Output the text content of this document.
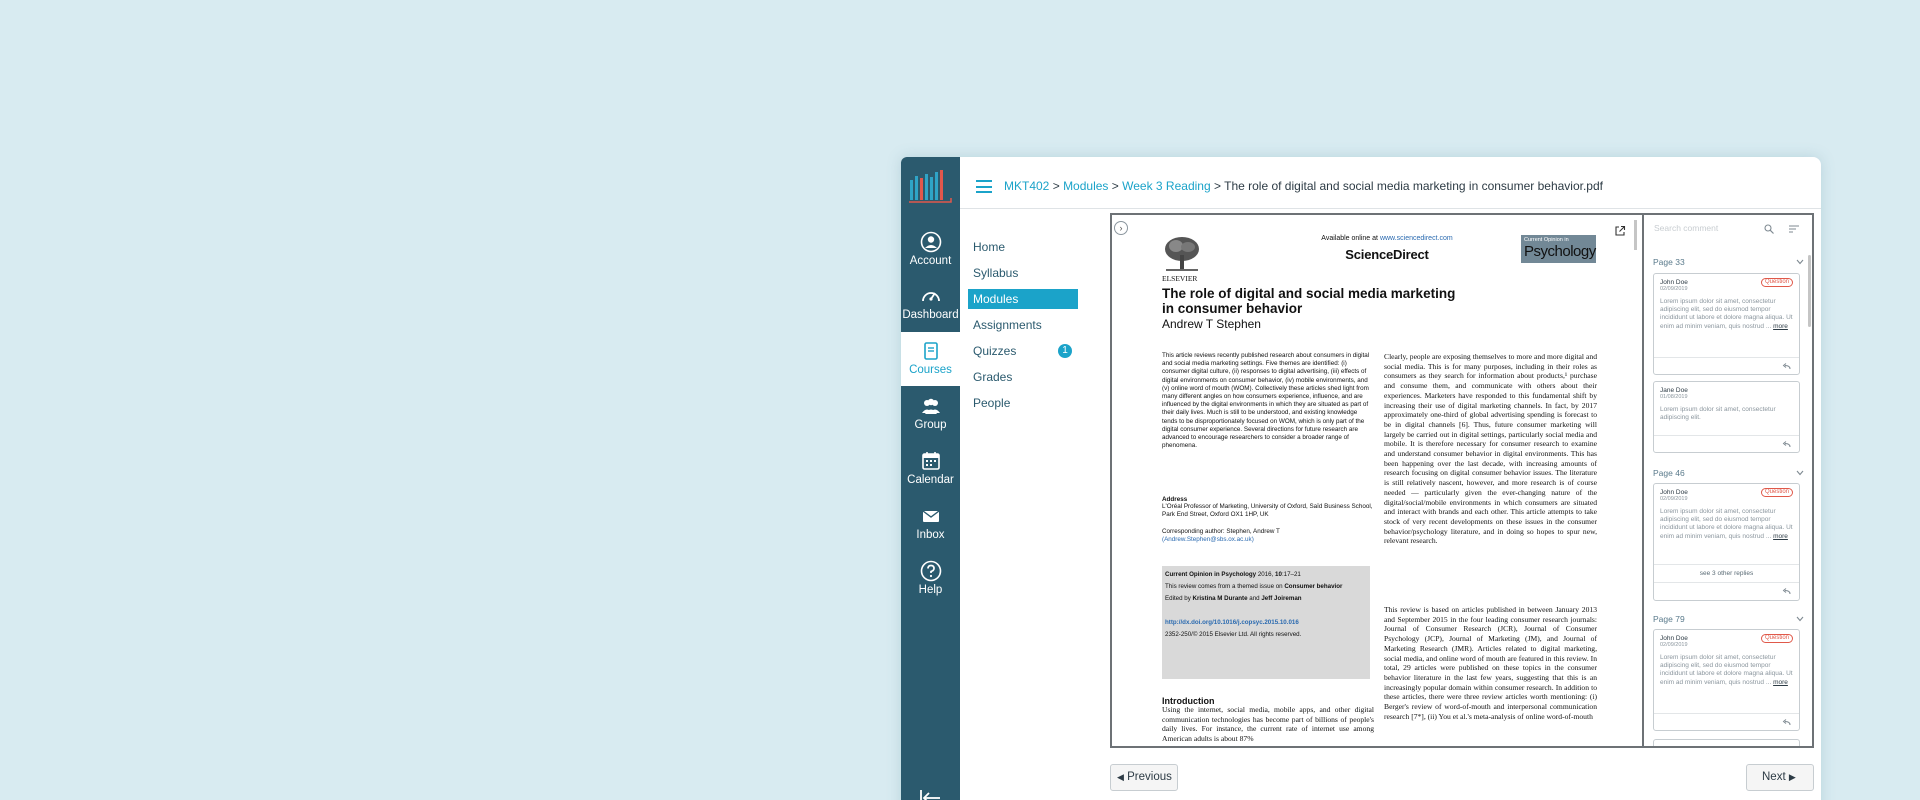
Account
Dashboard
Courses
Group
Calendar
Inbox
Help
MKT402 > Modules > Week 3 Reading > The role of digital and social media marketing in consumer behavior.pdf
Home
Syllabus
Modules
Assignments
Quizzes	1
Grades
People
›
ELSEVIER
Available online at www.sciencedirect.com
ScienceDirect
Current Opinion in
Psychology
The role of digital and social media marketing
in consumer behavior
Andrew T Stephen
This article reviews recently published research about consumers in digital and social media marketing settings. Five themes are identified: (i) consumer digital culture, (ii) responses to digital advertising, (iii) effects of digital environments on consumer behavior, (iv) mobile environments, and (v) online word of mouth (WOM). Collectively these articles shed light from many different angles on how consumers experience, influence, and are influenced by the digital environments in which they are situated as part of their daily lives. Much is still to be understood, and existing knowledge tends to be disproportionately focused on WOM, which is only part of the digital consumer experience. Several directions for future research are advanced to encourage researchers to consider a broader range of phenomena.
Address
L'Oréal Professor of Marketing, University of Oxford, Saïd Business School, Park End Street, Oxford OX1 1HP, UK
Corresponding author: Stephen, Andrew T
(Andrew.Stephen@sbs.ox.ac.uk)
Current Opinion in Psychology 2016, 10:17–21
This review comes from a themed issue on Consumer behavior
Edited by Kristina M Durante and Jeff Joireman
http://dx.doi.org/10.1016/j.copsyc.2015.10.016
2352-250/© 2015 Elsevier Ltd. All rights reserved.
Introduction
Using the internet, social media, mobile apps, and other digital communication technologies has become part of billions of people's daily lives. For instance, the current rate of internet use among American adults is about 87%
Clearly, people are exposing themselves to more and more digital and social media. This is for many purposes, including in their roles as consumers as they search for information about products,¹ purchase and consume them, and communicate with others about their experiences. Marketers have responded to this fundamental shift by increasing their use of digital marketing channels. In fact, by 2017 approximately one-third of global advertising spending is forecast to be in digital channels [6]. Thus, future consumer marketing will largely be carried out in digital settings, particularly social media and mobile. It is therefore necessary for consumer research to examine and understand consumer behavior in digital environments. This has been happening over the last decade, with increasing amounts of research focusing on digital consumer behavior issues. The literature is still relatively nascent, however, and more research is of course needed — particularly given the ever-changing nature of the digital/social/mobile environments in which consumers are situated and interact with brands and each other. This article attempts to take stock of very recent developments on these issues in the consumer behavior/psychology literature, and in doing so hopes to spur new, relevant research.
This review is based on articles published in between January 2013 and September 2015 in the four leading consumer research journals: Journal of Consumer Research (JCR), Journal of Consumer Psychology (JCP), Journal of Marketing (JM), and Journal of Marketing Research (JMR). Articles related to digital marketing, social media, and online word of mouth are featured in this review. In total, 29 articles were published on these topics in the consumer behavior literature in the last few years, suggesting that this is an increasingly popular domain within consumer research. In addition to these articles, there were three review articles worth mentioning: (i) Berger's review of word-of-mouth and interpersonal communication research [7*], (ii) You et al.'s meta-analysis of online word-of-mouth
Search comment
Page 33
John Doe
02/09/2019
Question
Lorem ipsum dolor sit amet, consectetur adipiscing elit, sed do eiusmod tempor incididunt ut labore et dolore magna aliqua. Ut enim ad minim veniam, quis nostrud ... more
Jane Doe
01/08/2019
Lorem ipsum dolor sit amet, consectetur adipiscing elit.
Page 46
John Doe
02/09/2019
Question
Lorem ipsum dolor sit amet, consectetur adipiscing elit, sed do eiusmod tempor incididunt ut labore et dolore magna aliqua. Ut enim ad minim veniam, quis nostrud ... more
see 3 other replies
Page 79
John Doe
02/09/2019
Question
Lorem ipsum dolor sit amet, consectetur adipiscing elit, sed do eiusmod tempor incididunt ut labore et dolore magna aliqua. Ut enim ad minim veniam, quis nostrud ... more
◀ Previous	Next ▶
